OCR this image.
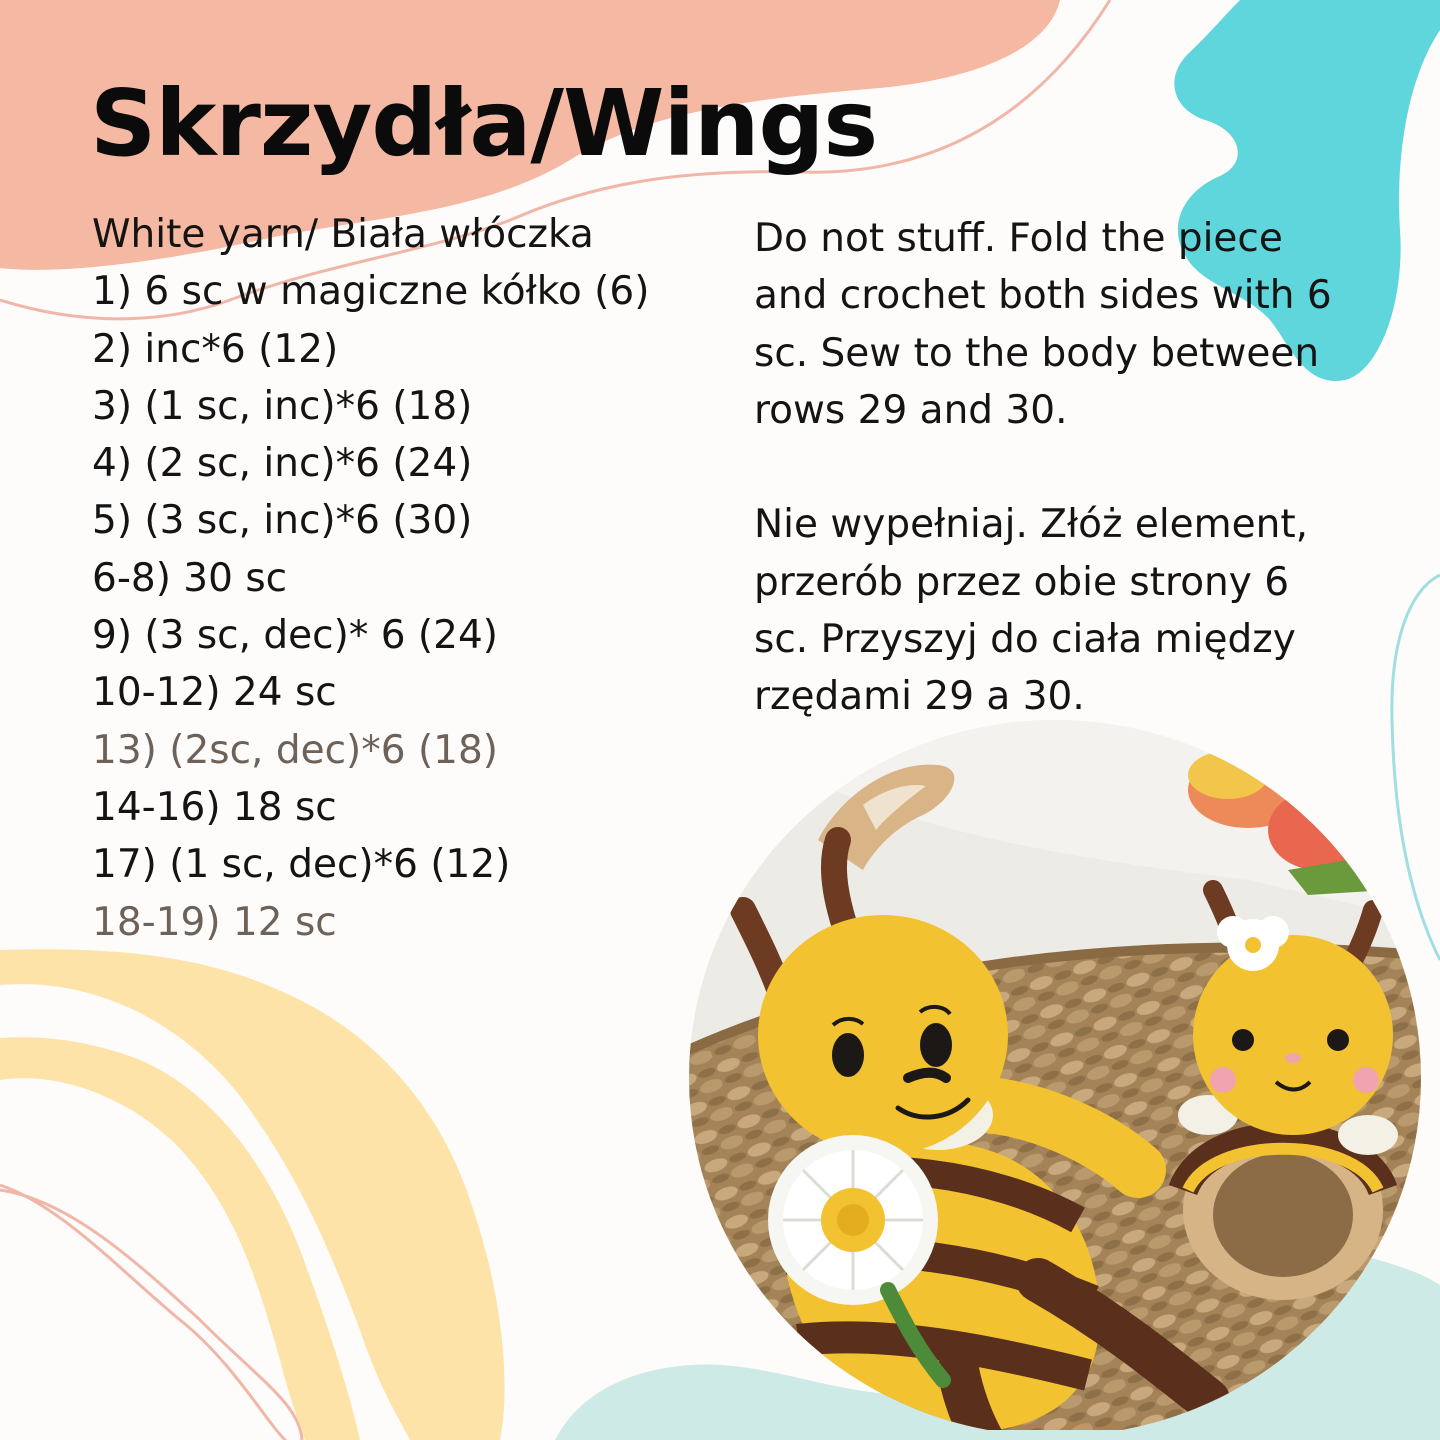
Skrzydła/Wings
White yarn/ Biała włóczka
1) 6 sc w magiczne kółko (6)
2) inc*6 (12)
3) (1 sc, inc)*6 (18)
4) (2 sc, inc)*6 (24)
5) (3 sc, inc)*6 (30)
6-8) 30 sc
9) (3 sc, dec)* 6 (24)
10-12) 24 sc
13) (2sc, dec)*6 (18)
14-16) 18 sc
17) (1 sc, dec)*6 (12)
18-19) 12 sc

Do not stuff. Fold the piece and crochet both sides with 6 sc. Sew to the body between rows 29 and 30.

Nie wypełniaj. Złóż element, przerób przez obie strony 6 sc. Przyszyj do ciała między rzędami 29 a 30.
